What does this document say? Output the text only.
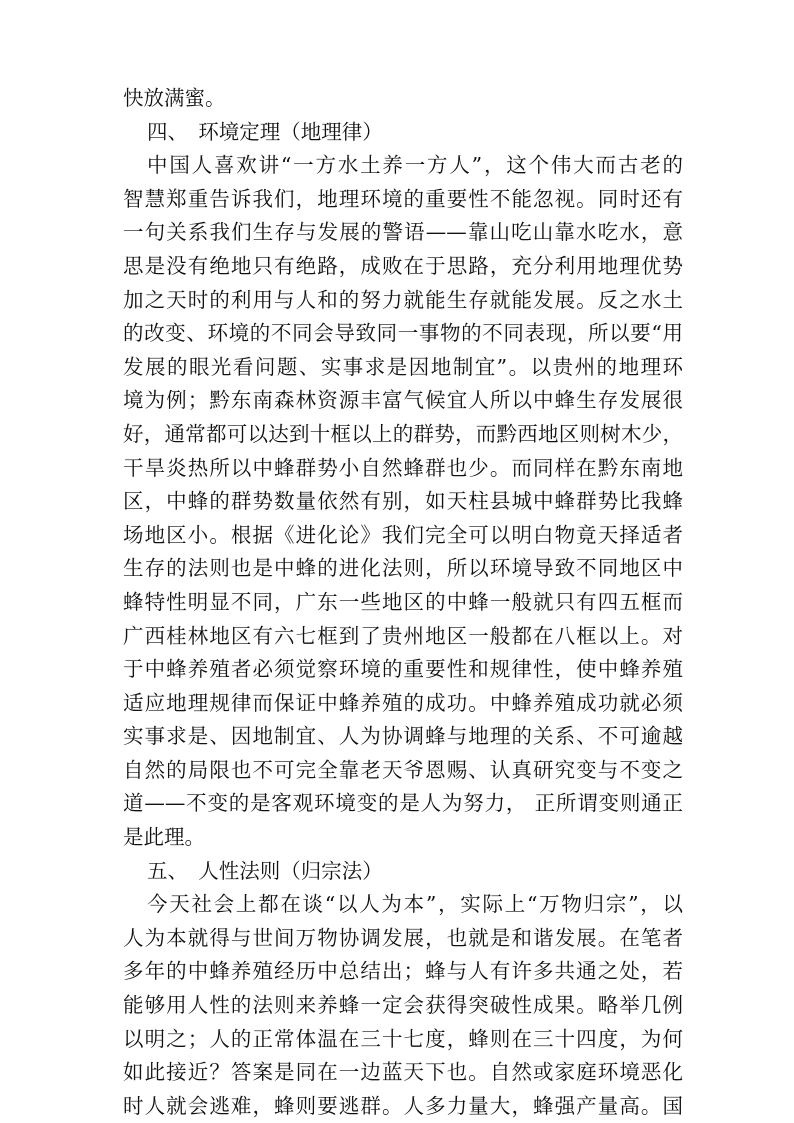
快放满蜜。
四、　环境定理（地理律）
中国人喜欢讲“一方水土养一方人”，这个伟大而古老的
智慧郑重告诉我们，地理环境的重要性不能忽视。同时还有
一句关系我们生存与发展的警语——靠山吃山靠水吃水，意
思是没有绝地只有绝路，成败在于思路，充分利用地理优势
加之天时的利用与人和的努力就能生存就能发展。反之水土
的改变、环境的不同会导致同一事物的不同表现，所以要“用
发展的眼光看问题、实事求是因地制宜”。以贵州的地理环
境为例；黔东南森林资源丰富气候宜人所以中蜂生存发展很
好，通常都可以达到十框以上的群势，而黔西地区则树木少，
干旱炎热所以中蜂群势小自然蜂群也少。而同样在黔东南地
区，中蜂的群势数量依然有别，如天柱县城中蜂群势比我蜂
场地区小。根据《进化论》我们完全可以明白物竟天择适者
生存的法则也是中蜂的进化法则，所以环境导致不同地区中
蜂特性明显不同，广东一些地区的中蜂一般就只有四五框而
广西桂林地区有六七框到了贵州地区一般都在八框以上。对
于中蜂养殖者必须觉察环境的重要性和规律性，使中蜂养殖
适应地理规律而保证中蜂养殖的成功。中蜂养殖成功就必须
实事求是、因地制宜、人为协调蜂与地理的关系、不可逾越
自然的局限也不可完全靠老天爷恩赐、认真研究变与不变之
道——不变的是客观环境变的是人为努力， 正所谓变则通正
是此理。
五、　人性法则（归宗法）
今天社会上都在谈“以人为本”，实际上“万物归宗”，以
人为本就得与世间万物协调发展，也就是和谐发展。在笔者
多年的中蜂养殖经历中总结出；蜂与人有许多共通之处，若
能够用人性的法则来养蜂一定会获得突破性成果。略举几例
以明之；人的正常体温在三十七度，蜂则在三十四度，为何
如此接近？答案是同在一边蓝天下也。自然或家庭环境恶化
时人就会逃难，蜂则要逃群。人多力量大，蜂强产量高。国
